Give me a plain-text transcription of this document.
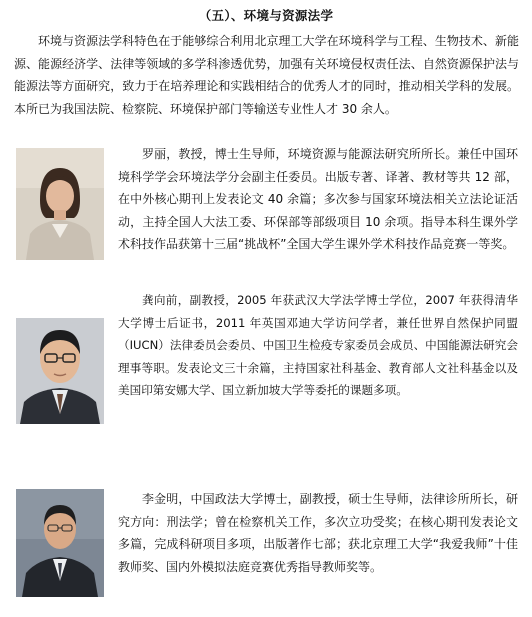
（五）、环境与资源法学

环境与资源法学科特色在于能够综合利用北京理工大学在环境科学与工程、生物技术、新能源、能源经济学、法律等领域的多学科渗透优势，加强有关环境侵权责任法、自然资源保护法与能源法等方面研究，致力于在培养理论和实践相结合的优秀人才的同时，推动相关学科的发展。本所已为我国法院、检察院、环境保护部门等输送专业性人才 30 余人。

罗丽，教授，博士生导师，环境资源与能源法研究所所长。兼任中国环境科学学会环境法学分会副主任委员。出版专著、译著、教材等共 12 部，在中外核心期刊上发表论文 40 余篇；多次参与国家环境法相关立法论证活动，主持全国人大法工委、环保部等部级项目 10 余项。指导本科生课外学术科技作品获第十三届“挑战杯”全国大学生课外学术科技作品竞赛一等奖。

龚向前，副教授，2005 年获武汉大学法学博士学位，2007 年获得清华大学博士后证书，2011 年英国邓迪大学访问学者，兼任世界自然保护同盟（IUCN）法律委员会委员、中国卫生检疫专家委员会成员、中国能源法研究会理事等职。发表论文三十余篇，主持国家社科基金、教育部人文社科基金以及美国印第安娜大学、国立新加坡大学等委托的课题多项。

李金明，中国政法大学博士，副教授，硕士生导师，法律诊所所长，研究方向：刑法学；曾在检察机关工作，多次立功受奖；在核心期刊发表论文多篇，完成科研项目多项，出版著作七部；获北京理工大学“我爱我师”十佳教师奖、国内外模拟法庭竞赛优秀指导教师奖等。
